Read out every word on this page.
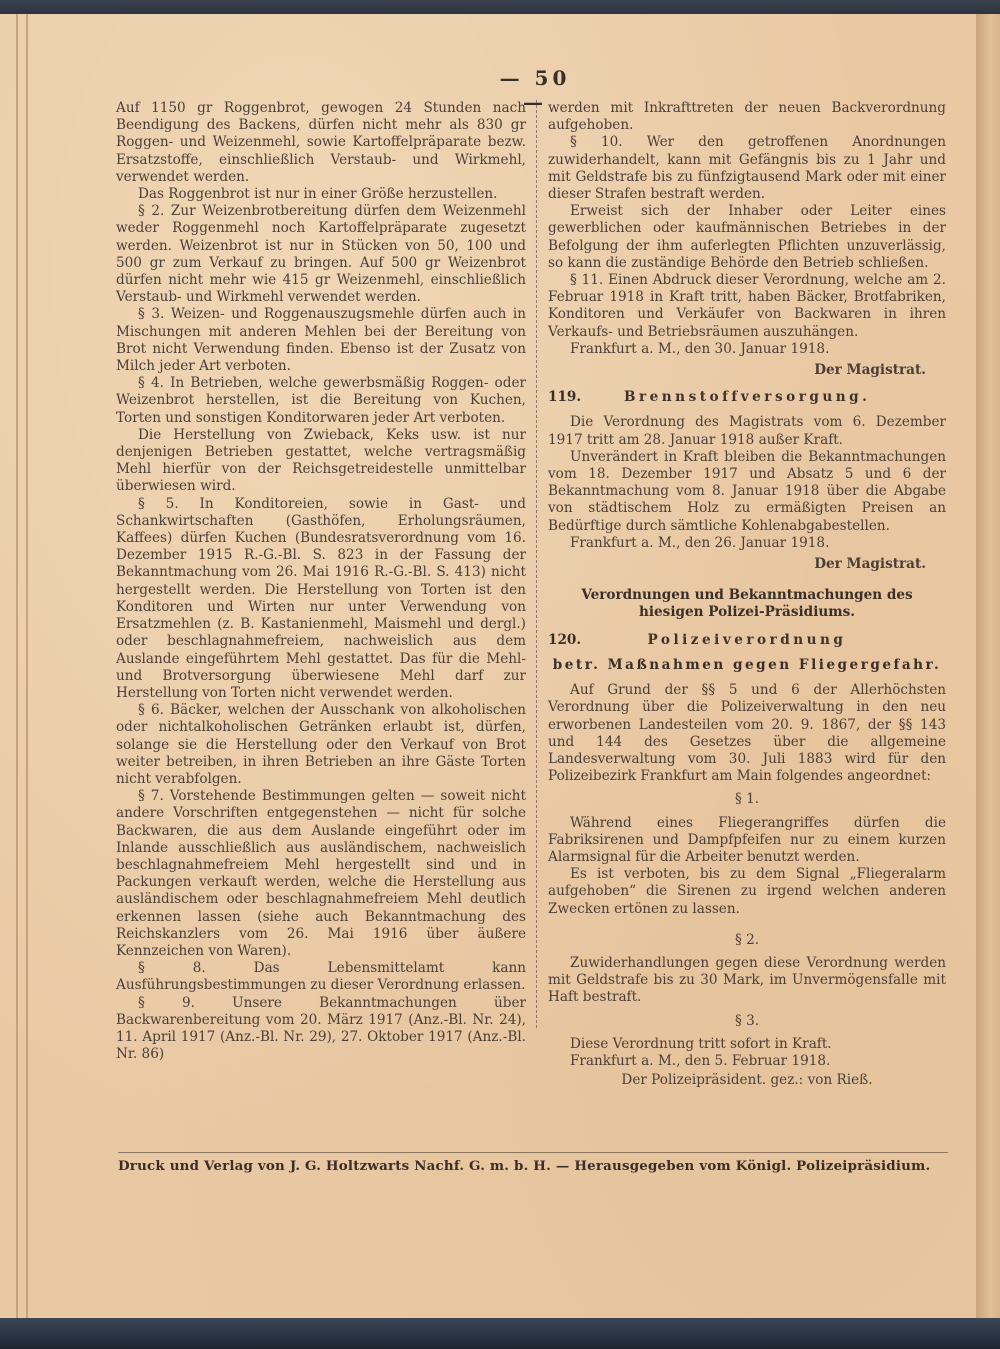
— 50 —

Auf 1150 gr Roggenbrot, gewogen 24 Stunden nach Beendigung des Backens, dürfen nicht mehr als 830 gr Roggen- und Weizenmehl, sowie Kartoffelpräparate bezw. Ersatzstoffe, einschließlich Verstaub- und Wirkmehl, verwendet werden.

Das Roggenbrot ist nur in einer Größe herzustellen.

§ 2. Zur Weizenbrotbereitung dürfen dem Weizenmehl weder Roggenmehl noch Kartoffelpräparate zugesetzt werden. Weizenbrot ist nur in Stücken von 50, 100 und 500 gr zum Verkauf zu bringen. Auf 500 gr Weizenbrot dürfen nicht mehr wie 415 gr Weizenmehl, einschließlich Verstaub- und Wirkmehl verwendet werden.

§ 3. Weizen- und Roggenauszugsmehle dürfen auch in Mischungen mit anderen Mehlen bei der Bereitung von Brot nicht Verwendung finden. Ebenso ist der Zusatz von Milch jeder Art verboten.

§ 4. In Betrieben, welche gewerbsmäßig Roggen- oder Weizenbrot herstellen, ist die Bereitung von Kuchen, Torten und sonstigen Konditorwaren jeder Art verboten.

Die Herstellung von Zwieback, Keks usw. ist nur denjenigen Betrieben gestattet, welche vertragsmäßig Mehl hierfür von der Reichsgetreidestelle unmittelbar überwiesen wird.

§ 5. In Konditoreien, sowie in Gast- und Schankwirtschaften (Gasthöfen, Erholungsräumen, Kaffees) dürfen Kuchen (Bundesratsverordnung vom 16. Dezember 1915 R.-G.-Bl. S. 823 in der Fassung der Bekanntmachung vom 26. Mai 1916 R.-G.-Bl. S. 413) nicht hergestellt werden. Die Herstellung von Torten ist den Konditoren und Wirten nur unter Verwendung von Ersatzmehlen (z. B. Kastanienmehl, Maismehl und dergl.) oder beschlagnahmefreiem, nachweislich aus dem Auslande eingeführtem Mehl gestattet. Das für die Mehl- und Brotversorgung überwiesene Mehl darf zur Herstellung von Torten nicht verwendet werden.

§ 6. Bäcker, welchen der Ausschank von alkoholischen oder nichtalkoholischen Getränken erlaubt ist, dürfen, solange sie die Herstellung oder den Verkauf von Brot weiter betreiben, in ihren Betrieben an ihre Gäste Torten nicht verabfolgen.

§ 7. Vorstehende Bestimmungen gelten — soweit nicht andere Vorschriften entgegenstehen — nicht für solche Backwaren, die aus dem Auslande eingeführt oder im Inlande ausschließlich aus ausländischem, nachweislich beschlagnahmefreiem Mehl hergestellt sind und in Packungen verkauft werden, welche die Herstellung aus ausländischem oder beschlagnahmefreiem Mehl deutlich erkennen lassen (siehe auch Bekanntmachung des Reichskanzlers vom 26. Mai 1916 über äußere Kennzeichen von Waren).

§ 8. Das Lebensmittelamt kann Ausführungsbestimmungen zu dieser Verordnung erlassen.

§ 9. Unsere Bekanntmachungen über Backwarenbereitung vom 20. März 1917 (Anz.-Bl. Nr. 24), 11. April 1917 (Anz.-Bl. Nr. 29), 27. Oktober 1917 (Anz.-Bl. Nr. 86)

werden mit Inkrafttreten der neuen Backverordnung aufgehoben.

§ 10. Wer den getroffenen Anordnungen zuwiderhandelt, kann mit Gefängnis bis zu 1 Jahr und mit Geldstrafe bis zu fünfzigtausend Mark oder mit einer dieser Strafen bestraft werden.

Erweist sich der Inhaber oder Leiter eines gewerblichen oder kaufmännischen Betriebes in der Befolgung der ihm auferlegten Pflichten unzuverlässig, so kann die zuständige Behörde den Betrieb schließen.

§ 11. Einen Abdruck dieser Verordnung, welche am 2. Februar 1918 in Kraft tritt, haben Bäcker, Brotfabriken, Konditoren und Verkäufer von Backwaren in ihren Verkaufs- und Betriebsräumen auszuhängen.

Frankfurt a. M., den 30. Januar 1918.

Der Magistrat.

119.	Brennstoffversorgung.

Die Verordnung des Magistrats vom 6. Dezember 1917 tritt am 28. Januar 1918 außer Kraft.

Unverändert in Kraft bleiben die Bekanntmachungen vom 18. Dezember 1917 und Absatz 5 und 6 der Bekanntmachung vom 8. Januar 1918 über die Abgabe von städtischem Holz zu ermäßigten Preisen an Bedürftige durch sämtliche Kohlenabgabestellen.

Frankfurt a. M., den 26. Januar 1918.

Der Magistrat.

Verordnungen und Bekanntmachungen des hiesigen Polizei-Präsidiums.
120.	Polizeiverordnung
betr. Maßnahmen gegen Fliegergefahr.

Auf Grund der §§ 5 und 6 der Allerhöchsten Verordnung über die Polizeiverwaltung in den neu erworbenen Landesteilen vom 20. 9. 1867, der §§ 143 und 144 des Gesetzes über die allgemeine Landesverwaltung vom 30. Juli 1883 wird für den Polizeibezirk Frankfurt am Main folgendes angeordnet:

§ 1.

Während eines Fliegerangriffes dürfen die Fabriksirenen und Dampfpfeifen nur zu einem kurzen Alarmsignal für die Arbeiter benutzt werden.

Es ist verboten, bis zu dem Signal „Fliegeralarm aufgehoben“ die Sirenen zu irgend welchen anderen Zwecken ertönen zu lassen.

§ 2.

Zuwiderhandlungen gegen diese Verordnung werden mit Geldstrafe bis zu 30 Mark, im Unvermögensfalle mit Haft bestraft.

§ 3.

Diese Verordnung tritt sofort in Kraft.

Frankfurt a. M., den 5. Februar 1918.

Der Polizeipräsident. gez.: von Rieß.

Druck und Verlag von J. G. Holtzwarts Nachf. G. m. b. H. — Herausgegeben vom Königl. Polizeipräsidium.
